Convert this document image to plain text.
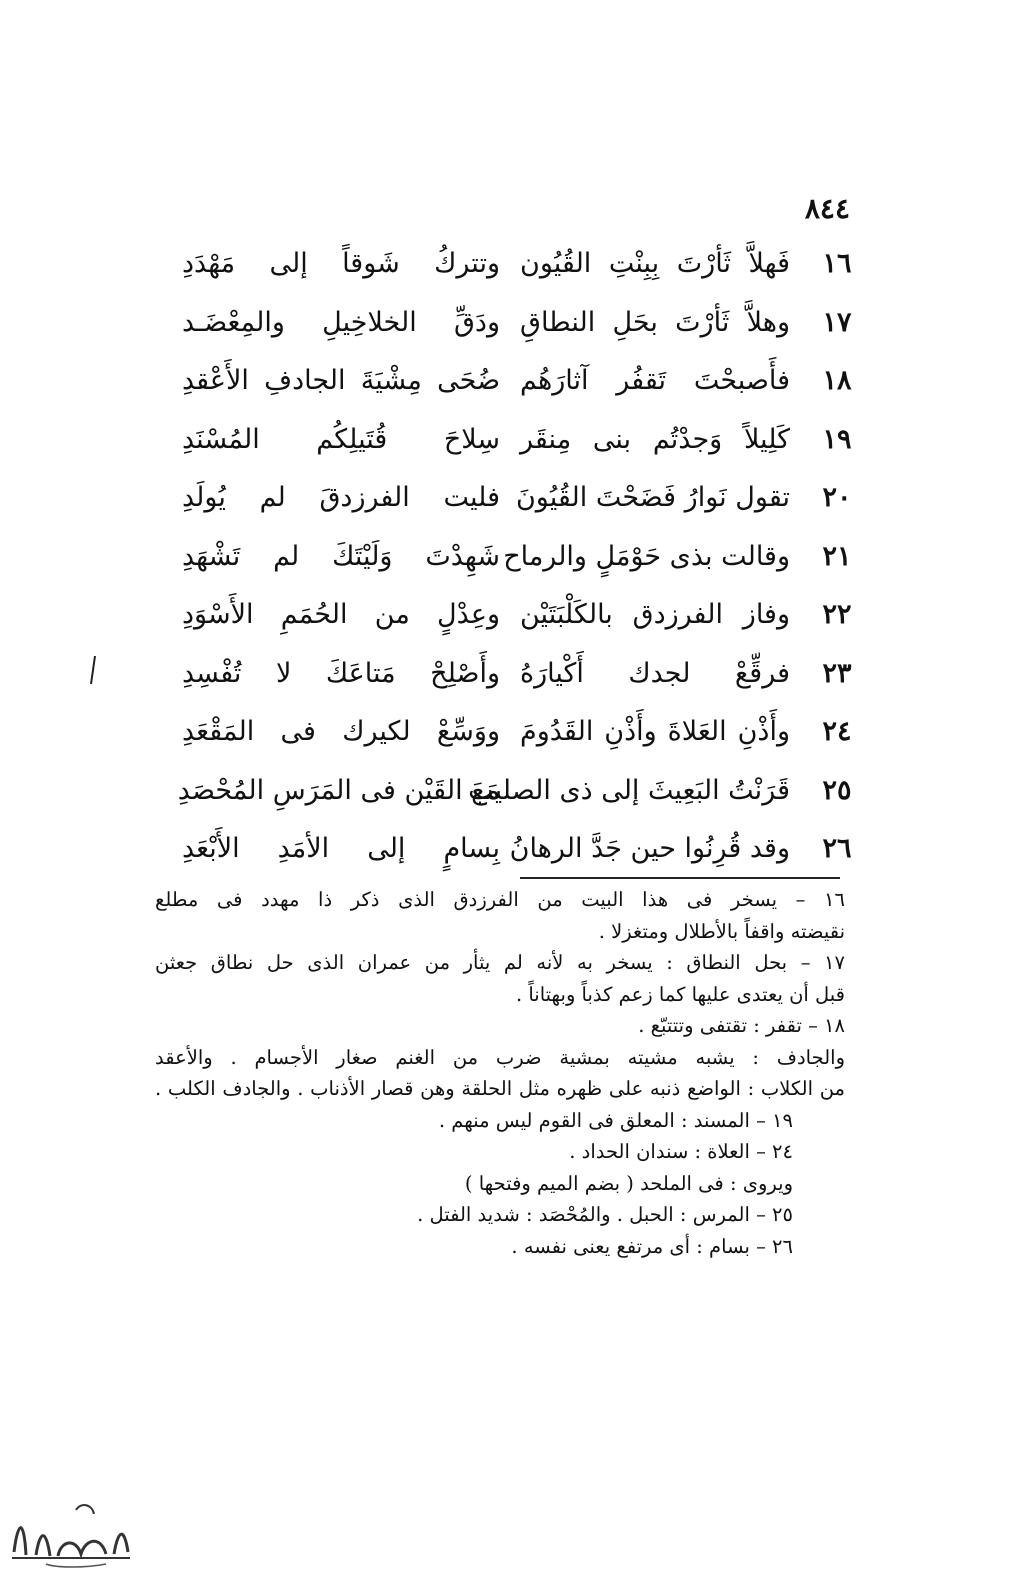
٨٤٤
١٦
فَهلاَّ ثَأرْتَ بِبِنْتِ القُيُون
وتتركُ شَوقاً إلى مَهْدَدِ
١٧
وهلاَّ ثَأرْتَ بحَلِ النطاقِ
ودَقِّ الخلاخِيلِ والمِعْضَـد
١٨
فأَصبحْتَ تَقفُر آثارَهُم
ضُحَى مِشْيَةَ الجادفِ الأَعْقدِ
١٩
كَلِيلاً وَجدْتُم بنى مِنقَر
سِلاحَ قُتَيلِكُم المُسْنَدِ
٢٠
تقول نَوارُ فَضَحْتَ القُيُونَ
فليت الفرزدقَ لم يُولَدِ
٢١
وقالت بذى حَوْمَلٍ والرماح
شَهِدْتَ وَلَيْتَكَ لم تَشْهَدِ
٢٢
وفاز الفرزدق بالكَلْبَتَيْن
وعِدْلٍ من الحُمَمِ الأَسْوَدِ
٢٣
فرقِّعْ لجدك أَكْيارَهُ
وأَصْلِحْ مَتاعَكَ لا تُفْسِدِ
٢٤
وأَذْنِ العَلاةَ وأَذْنِ القَدُومَ
ووَسِّعْ لكيرك فى المَقْعَدِ
٢٥
قَرَنْتُ البَعِيثَ إلى ذى الصليب
مَعَ القَيْن فى المَرَسِ المُحْصَدِ
٢٦
وقد قُرِنُوا حين جَدَّ الرهانُ
بِسامٍ إلى الأمَدِ الأَبْعَدِ

١٦ – يسخر فى هذا البيت من الفرزدق الذى ذكر ذا مهدد فى مطلع

نقيضته واقفاً بالأطلال ومتغزلا .

١٧ – بحل النطاق : يسخر به لأنه لم يثأر من عمران الذى حل نطاق جعثن

قبل أن يعتدى عليها كما زعم كذباً وبهتاناً .

١٨ – تقفر : تقتفى وتتتبّع .

والجادف : يشبه مشيته بمشية ضرب من الغنم صغار الأجسام . والأعقد

من الكلاب : الواضع ذنبه على ظهره مثل الحلقة وهن قصار الأذناب . والجادف الكلب .

١٩ – المسند : المعلق فى القوم ليس منهم .

٢٤ – العلاة : سندان الحداد .

ويروى : فى الملحد ( بضم الميم وفتحها )

٢٥ – المرس : الحبل . والمُحْصَد : شديد الفتل .

٢٦ – بسام : أى مرتفع يعنى نفسه .
